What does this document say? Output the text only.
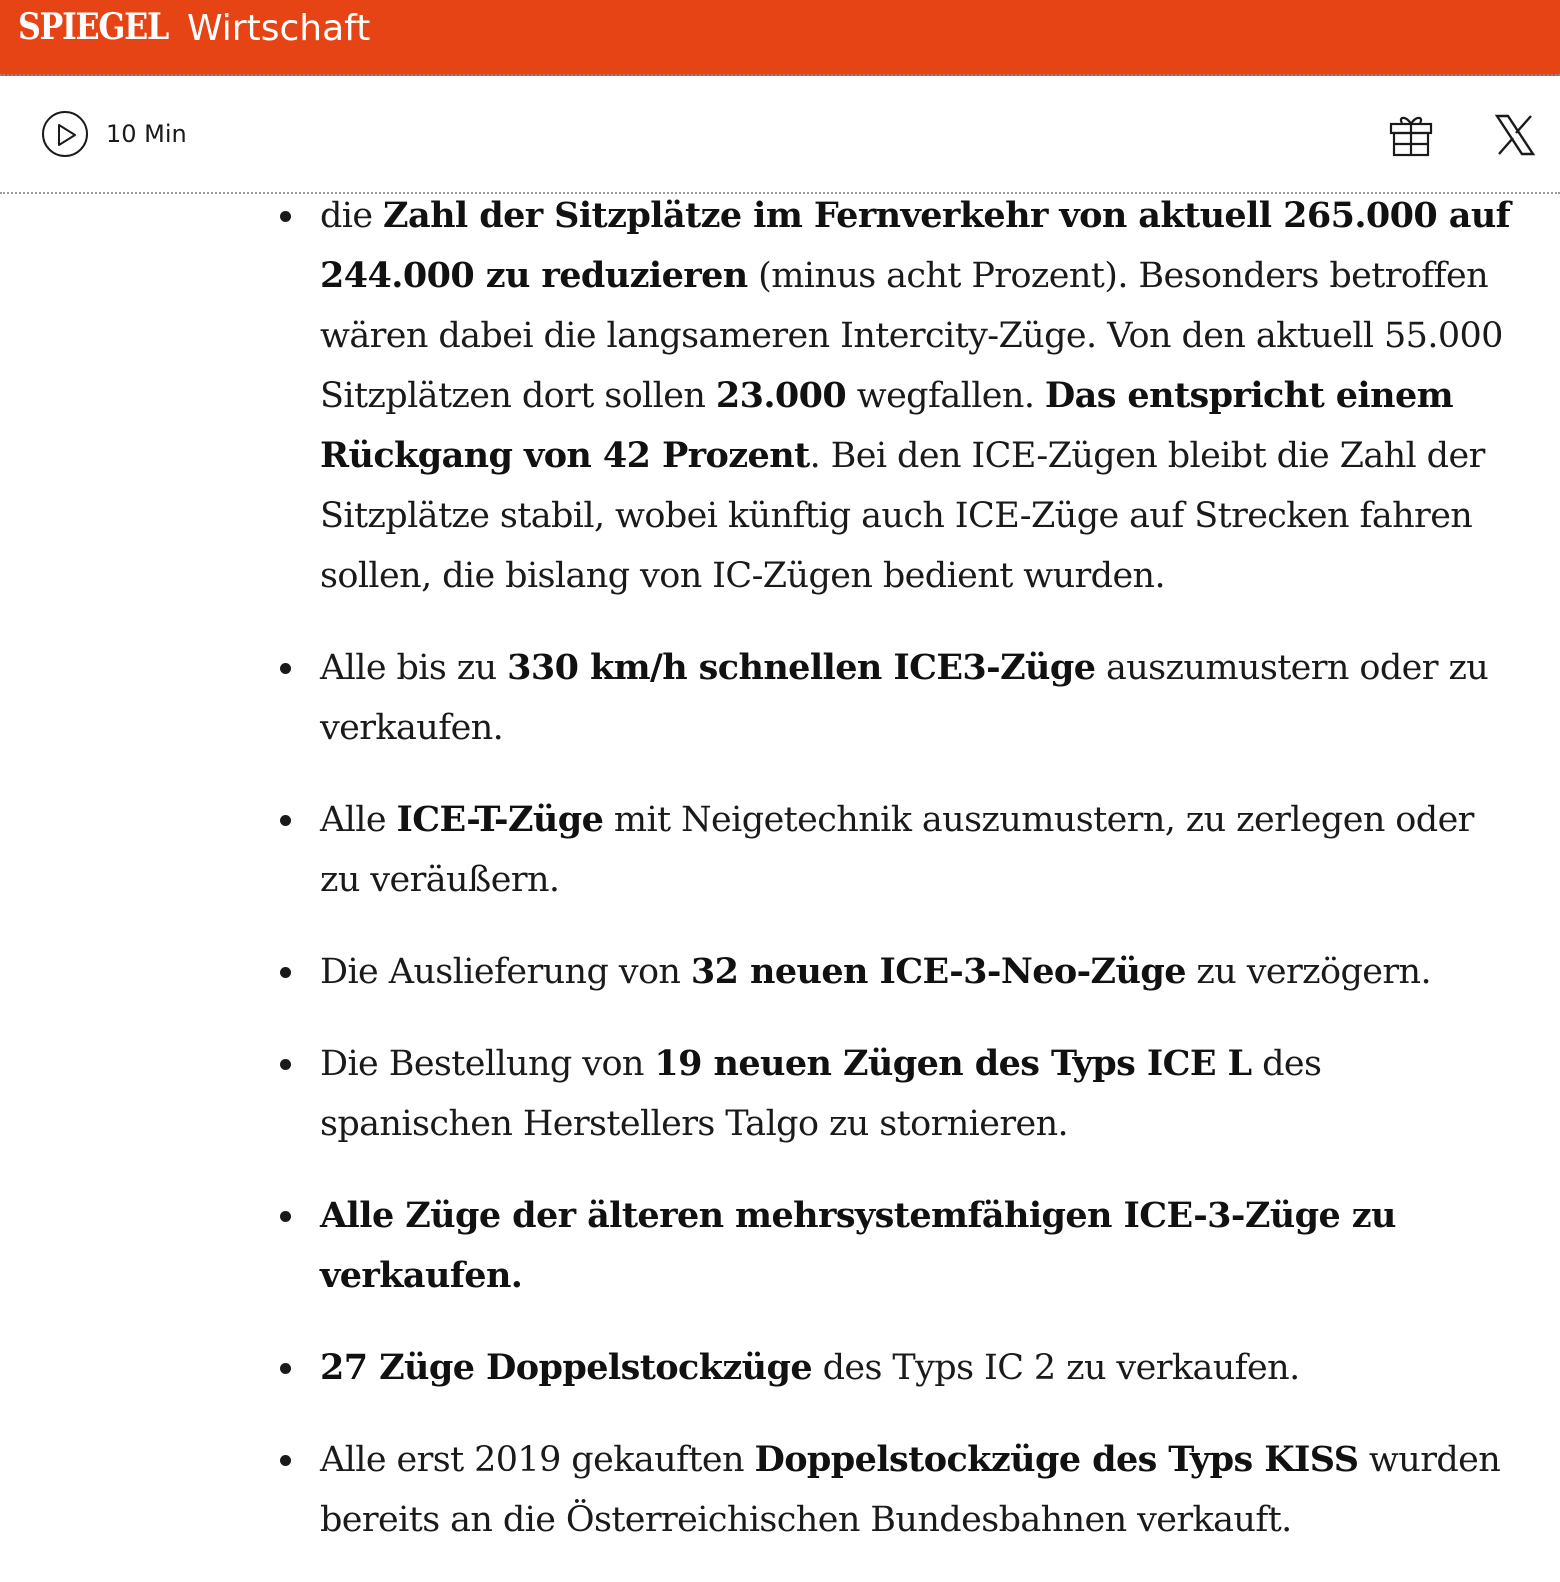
SPIEGEL Wirtschaft
10 Min
die Zahl der Sitzplätze im Fernverkehr von aktuell 265.000 auf 244.000 zu reduzieren (minus acht Prozent). Besonders betroffen wären dabei die langsameren Intercity-Züge. Von den aktuell 55.000 Sitzplätzen dort sollen 23.000 wegfallen. Das entspricht einem Rückgang von 42 Prozent. Bei den ICE-Zügen bleibt die Zahl der Sitzplätze stabil, wobei künftig auch ICE-Züge auf Strecken fahren sollen, die bislang von IC-Zügen bedient wurden.
Alle bis zu 330 km/h schnellen ICE3-Züge auszumustern oder zu verkaufen.
Alle ICE-T-Züge mit Neigetechnik auszumustern, zu zerlegen oder zu veräußern.
Die Auslieferung von 32 neuen ICE-3-Neo-Züge zu verzögern.
Die Bestellung von 19 neuen Zügen des Typs ICE L des spanischen Herstellers Talgo zu stornieren.
Alle Züge der älteren mehrsystemfähigen ICE-3-Züge zu verkaufen.
27 Züge Doppelstockzüge des Typs IC 2 zu verkaufen.
Alle erst 2019 gekauften Doppelstockzüge des Typs KISS wurden bereits an die Österreichischen Bundesbahnen verkauft.
